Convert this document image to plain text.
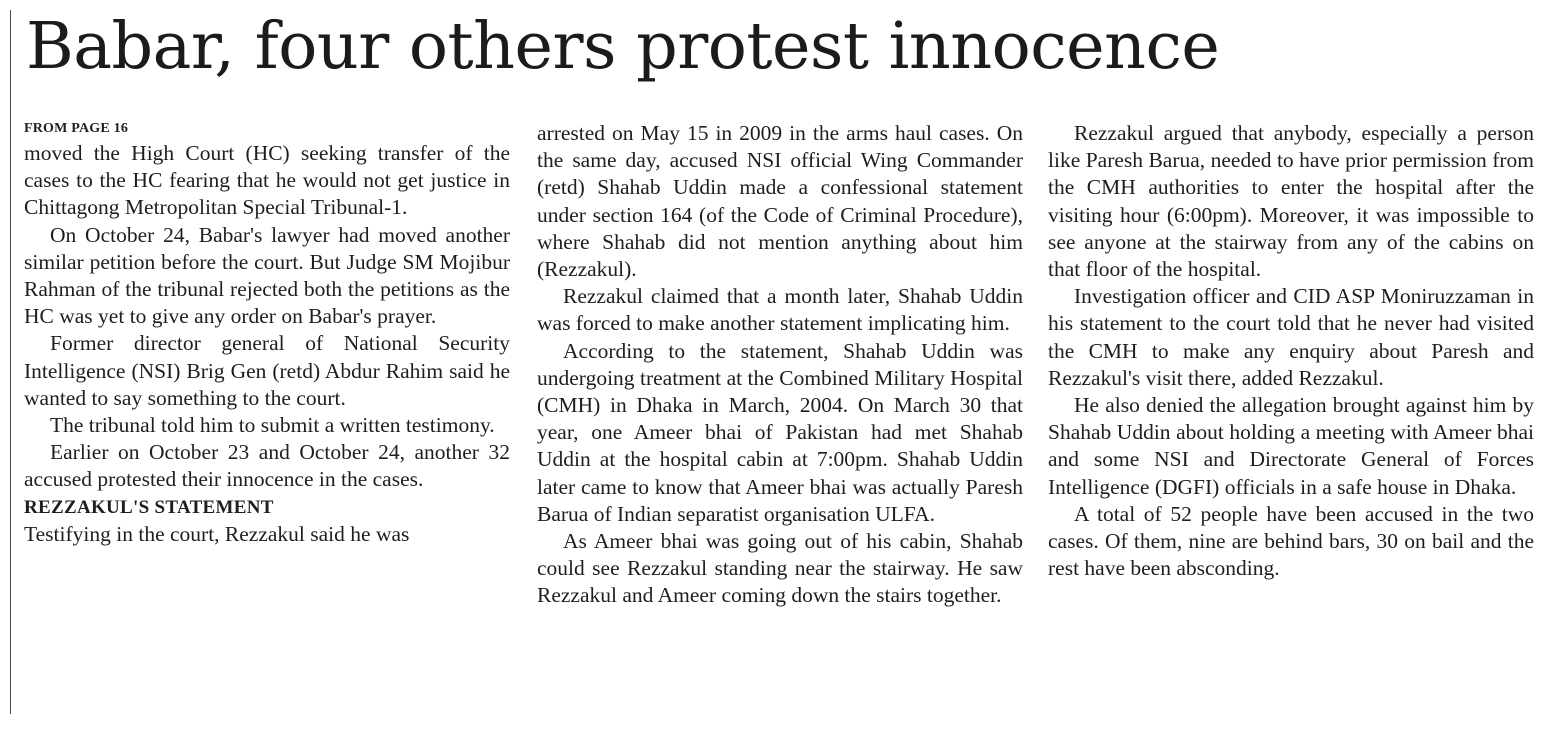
Babar, four others protest innocence
FROM PAGE 16

moved the High Court (HC) seeking transfer of the cases to the HC fearing that he would not get justice in Chittagong Metropolitan Special Tribunal-1.

On October 24, Babar's lawyer had moved another similar petition before the court. But Judge SM Mojibur Rahman of the tribunal rejected both the petitions as the HC was yet to give any order on Babar's prayer.

Former director general of National Security Intelligence (NSI) Brig Gen (retd) Abdur Rahim said he wanted to say something to the court.

The tribunal told him to submit a written testimony.

Earlier on October 23 and October 24, another 32 accused protested their innocence in the cases.

REZZAKUL'S STATEMENT

Testifying in the court, Rezzakul said he was

arrested on May 15 in 2009 in the arms haul cases. On the same day, accused NSI official Wing Commander (retd) Shahab Uddin made a confessional statement under section 164 (of the Code of Criminal Procedure), where Shahab did not mention anything about him (Rezzakul).

Rezzakul claimed that a month later, Shahab Uddin was forced to make another statement implicating him.

According to the statement, Shahab Uddin was undergoing treatment at the Combined Military Hospital (CMH) in Dhaka in March, 2004. On March 30 that year, one Ameer bhai of Pakistan had met Shahab Uddin at the hospital cabin at 7:00pm. Shahab Uddin later came to know that Ameer bhai was actually Paresh Barua of Indian separatist organisation ULFA.

As Ameer bhai was going out of his cabin, Shahab could see Rezzakul standing near the stairway. He saw Rezzakul and Ameer coming down the stairs together.

Rezzakul argued that anybody, especially a person like Paresh Barua, needed to have prior permission from the CMH authorities to enter the hospital after the visiting hour (6:00pm). Moreover, it was impossible to see anyone at the stairway from any of the cabins on that floor of the hospital.

Investigation officer and CID ASP Moniruzzaman in his statement to the court told that he never had visited the CMH to make any enquiry about Paresh and Rezzakul's visit there, added Rezzakul.

He also denied the allegation brought against him by Shahab Uddin about holding a meeting with Ameer bhai and some NSI and Directorate General of Forces Intelligence (DGFI) officials in a safe house in Dhaka.

A total of 52 people have been accused in the two cases. Of them, nine are behind bars, 30 on bail and the rest have been absconding.
